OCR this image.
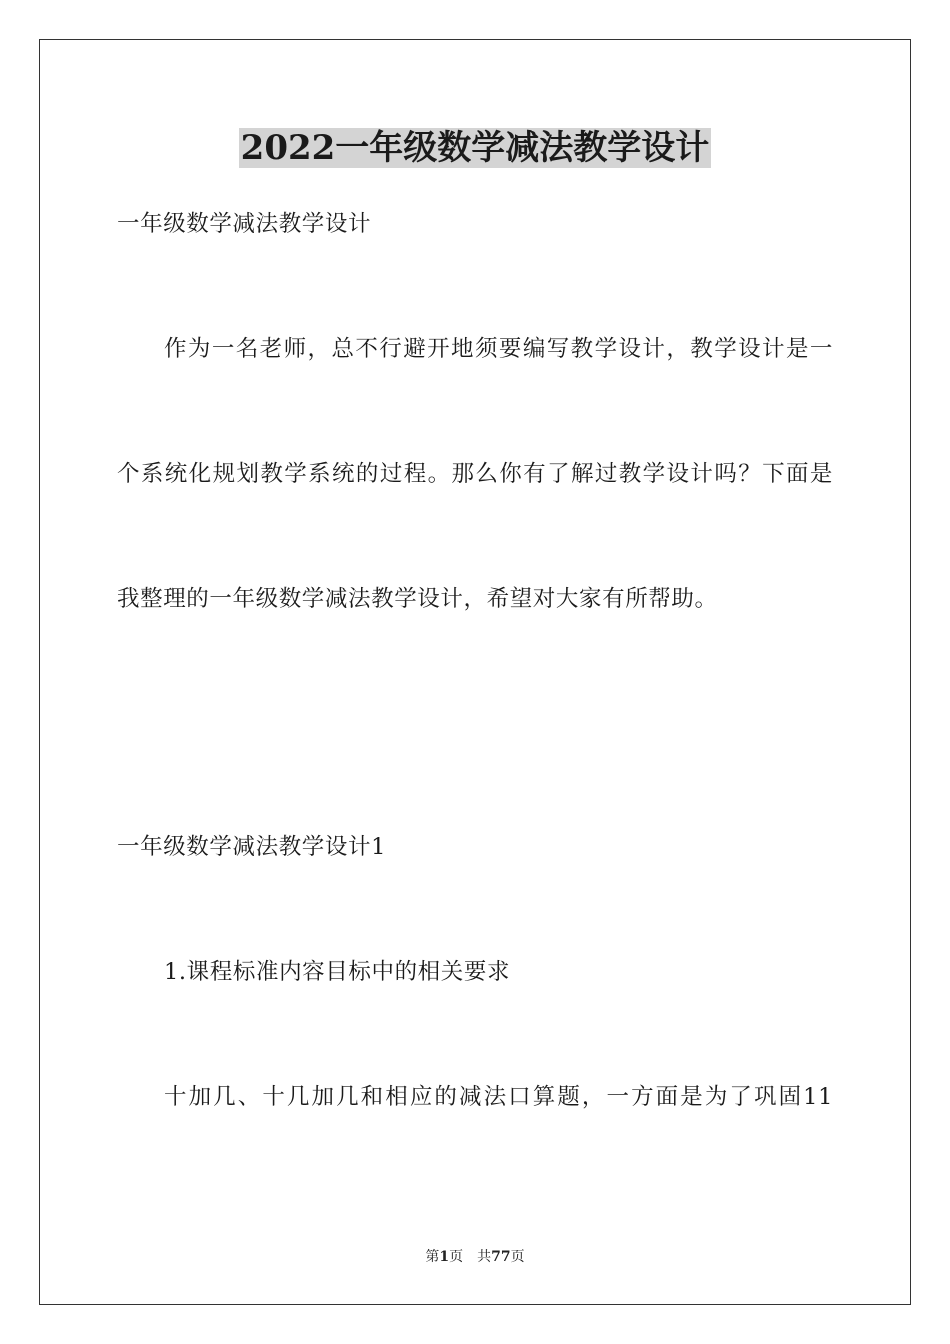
2022一年级数学减法教学设计
一年级数学减法教学设计
作为一名老师，总不行避开地须要编写教学设计，教学设计是一
个系统化规划教学系统的过程。那么你有了解过教学设计吗？下面是
我整理的一年级数学减法教学设计，希望对大家有所帮助。
一年级数学减法教学设计1
1.课程标准内容目标中的相关要求
十加几、十几加几和相应的减法口算题，一方面是为了巩固11
第1页 共77页
